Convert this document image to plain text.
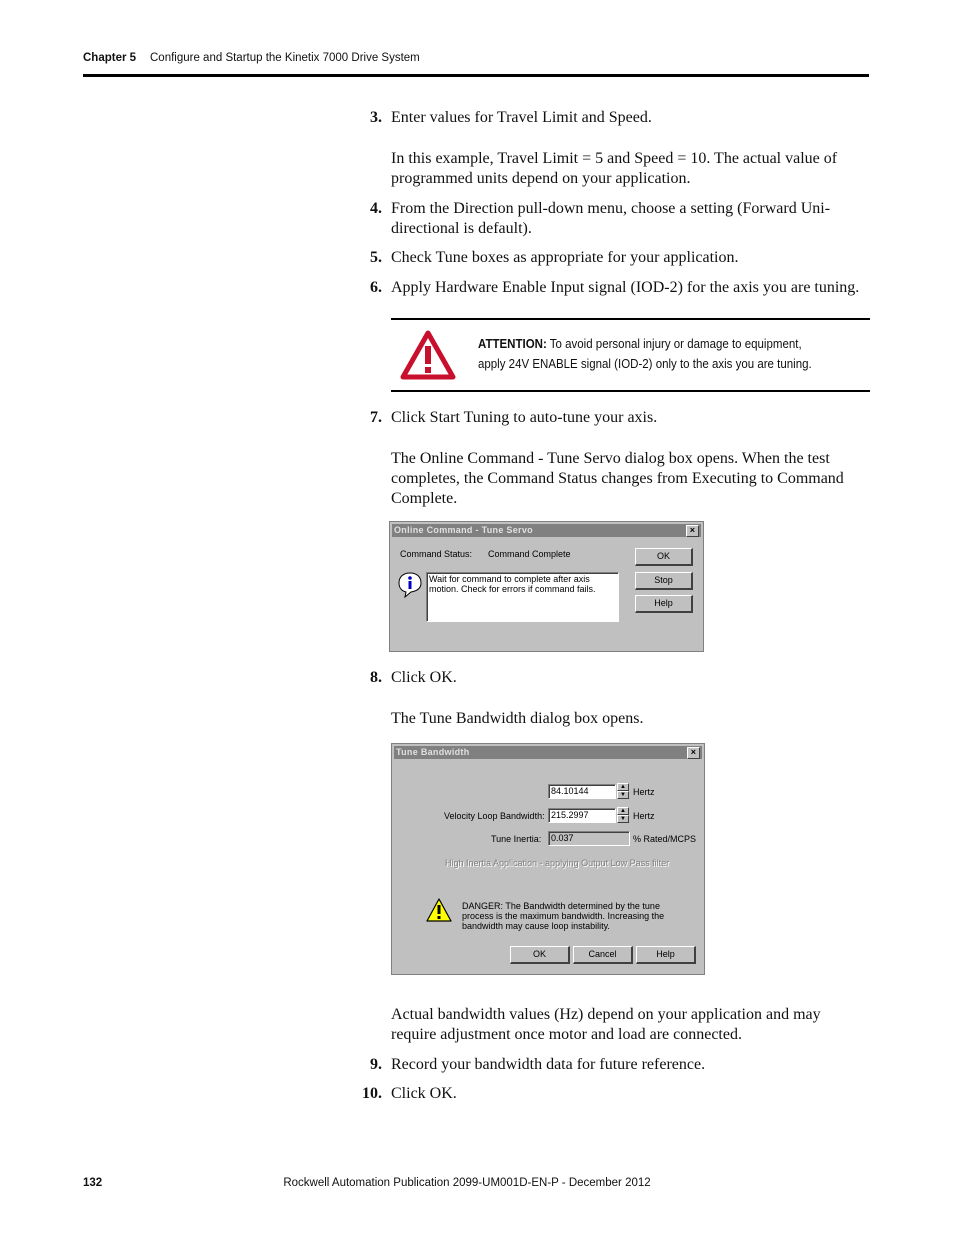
Chapter 5 Configure and Startup the Kinetix 7000 Drive System
3. Enter values for Travel Limit and Speed.
In this example, Travel Limit = 5 and Speed = 10. The actual value of programmed units depend on your application.
4. From the Direction pull-down menu, choose a setting (Forward Uni-directional is default).
5. Check Tune boxes as appropriate for your application.
6. Apply Hardware Enable Input signal (IOD-2) for the axis you are tuning.
ATTENTION: To avoid personal injury or damage to equipment, apply 24V ENABLE signal (IOD-2) only to the axis you are tuning.
7. Click Start Tuning to auto-tune your axis.
The Online Command - Tune Servo dialog box opens. When the test completes, the Command Status changes from Executing to Command Complete.
Online Command - Tune Servo	×
Command Status: Command Complete
Wait for command to complete after axis motion. Check for errors if command fails.
OK
Stop
Help
8. Click OK.
The Tune Bandwidth dialog box opens.
Tune Bandwidth	×
84.10144	▲
▼ Hertz
Velocity Loop Bandwidth: 215.2997	▲
▼ Hertz
Tune Inertia:	0.037	% Rated/MCPS
High Inertia Application - applying Output Low Pass filter
DANGER: The Bandwidth determined by the tune process is the maximum bandwidth. Increasing the bandwidth may cause loop instability.
OK	Cancel	Help
Actual bandwidth values (Hz) depend on your application and may require adjustment once motor and load are connected.
9. Record your bandwidth data for future reference.
10. Click OK.
132	Rockwell Automation Publication 2099-UM001D-EN-P - December 2012
